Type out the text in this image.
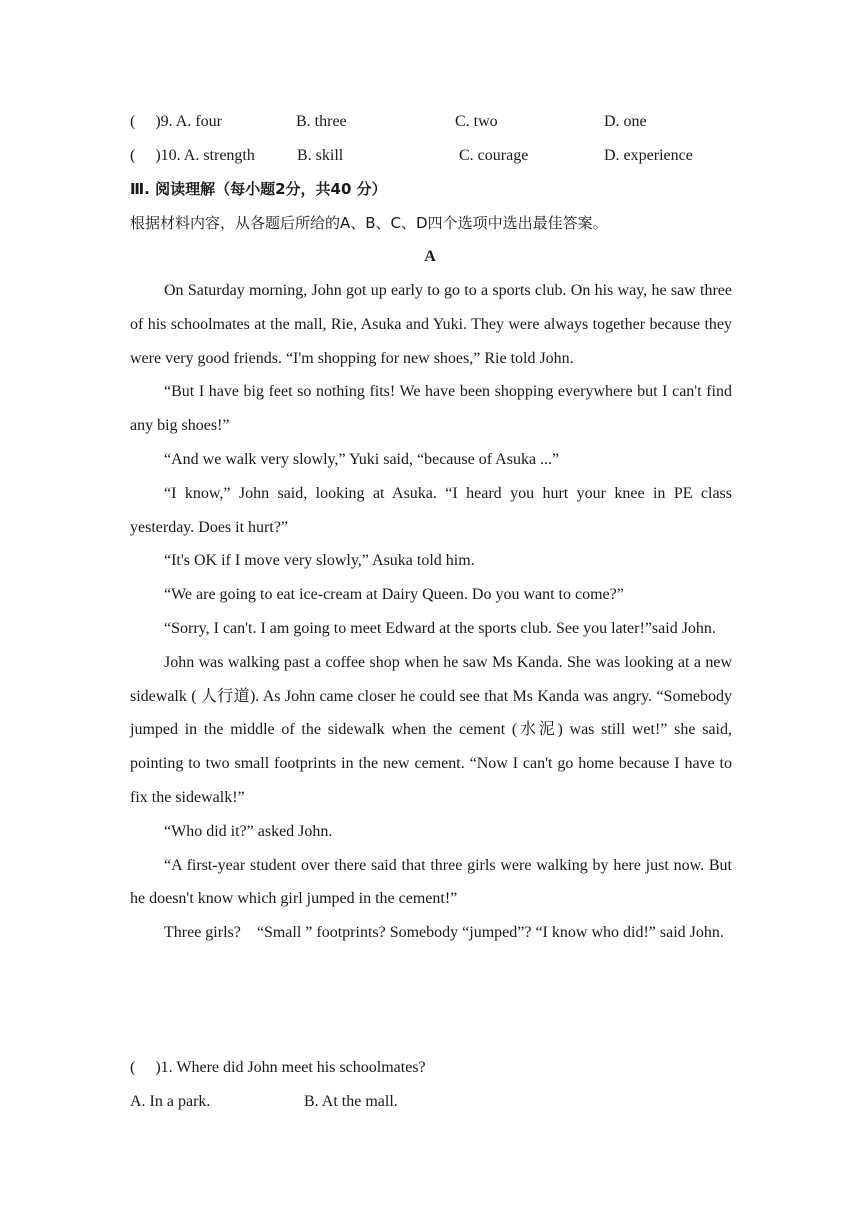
(　 )9. A. four	B. three	C. two	D. one
(　 )10. A. strength	B. skill	C. courage	D. experience
Ⅲ. 阅读理解（每小题2分，共40 分）
根据材料内容，从各题后所给的A、B、C、D四个选项中选出最佳答案。
A

On Saturday morning, John got up early to go to a sports club. On his way, he saw three of his schoolmates at the mall, Rie, Asuka and Yuki. They were always together because they were very good friends. “I'm shopping for new shoes,” Rie told John.

“But I have big feet so nothing fits! We have been shopping everywhere but I can't find any big shoes!”

“And we walk very slowly,” Yuki said, “because of Asuka ...”

“I know,” John said, looking at Asuka. “I heard you hurt your knee in PE class yesterday. Does it hurt?”

“It's OK if I move very slowly,” Asuka told him.

“We are going to eat ice-cream at Dairy Queen. Do you want to come?”

“Sorry, I can't. I am going to meet Edward at the sports club. See you later!”said John.

John was walking past a coffee shop when he saw Ms Kanda. She was looking at a new sidewalk ( 人行道). As John came closer he could see that Ms Kanda was angry. “Somebody jumped in the middle of the sidewalk when the cement (水泥) was still wet!” she said, pointing to two small footprints in the new cement. “Now I can't go home because I have to fix the sidewalk!”

“Who did it?” asked John.

“A first-year student over there said that three girls were walking by here just now. But he doesn't know which girl jumped in the cement!”

Three girls?　“Small ” footprints? Somebody “jumped”? “I know who did!” said John.

(　 )1. Where did John meet his schoolmates?
A. In a park.	B. At the mall.
